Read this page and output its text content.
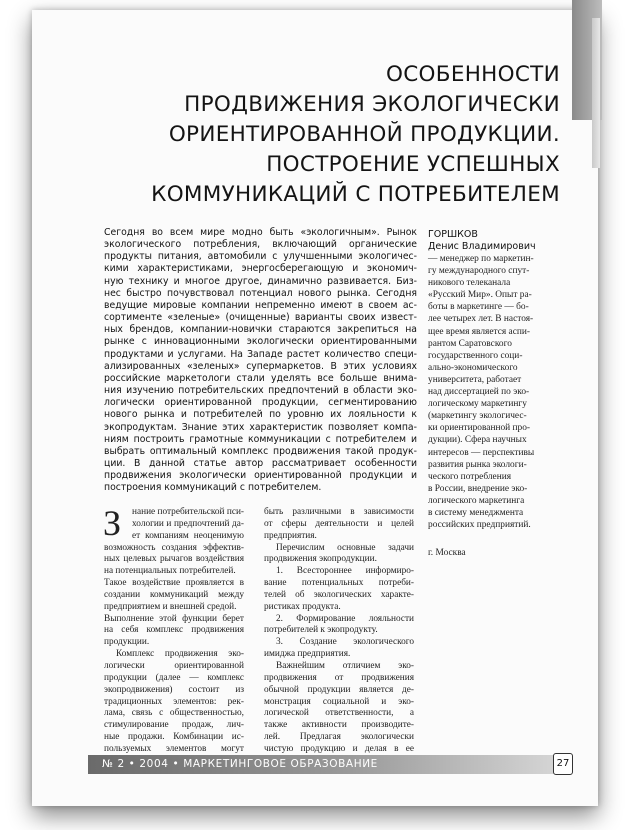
ОСОБЕННОСТИ
ПРОДВИЖЕНИЯ ЭКОЛОГИЧЕСКИ
ОРИЕНТИРОВАННОЙ ПРОДУКЦИИ.
ПОСТРОЕНИЕ УСПЕШНЫХ
КОММУНИКАЦИЙ С ПОТРЕБИТЕЛЕМ
Сегодня во всем мире модно быть «экологичным». Рынок
экологического потребления, включающий органические
продукты питания, автомобили с улучшенными экологичес-
кими характеристиками, энергосберегающую и экономич-
ную технику и многое другое, динамично развивается. Биз-
нес быстро почувствовал потенциал нового рынка. Сегодня
ведущие мировые компании непременно имеют в своем ас-
сортименте «зеленые» (очищенные) варианты своих извест-
ных брендов, компании-новички стараются закрепиться на
рынке с инновационными экологически ориентированными
продуктами и услугами. На Западе растет количество специ-
ализированных «зеленых» супермаркетов. В этих условиях
российские маркетологи стали уделять все больше внима-
ния изучению потребительских предпочтений в области эко-
логически ориентированной продукции, сегментированию
нового рынка и потребителей по уровню их лояльности к
экопродуктам. Знание этих характеристик позволяет компа-
ниям построить грамотные коммуникации с потребителем и
выбрать оптимальный комплекс продвижения такой продук-
ции. В данной статье автор рассматривает особенности
продвижения экологически ориентированной продукции и
построения коммуникаций с потребителем.
ГОРШКОВ
Денис Владимирович
— менеджер по маркетин-
гу международного спут-
никового телеканала
«Русский Мир». Опыт ра-
боты в маркетинге — бо-
лее четырех лет. В настоя-
щее время является аспи-
рантом Саратовского
государственного соци-
ально-экономического
университета, работает
над диссертацией по эко-
логическому маркетингу
(маркетингу экологичес-
ки ориентированной про-
дукции). Сфера научных
интересов — перспективы
развития рынка экологи-
ческого потребления
в России, внедрение эко-
логического маркетинга
в систему менеджмента
российских предприятий.
г. Москва
З	нание потребительской пси-
хологии и предпочтений да-
ет компаниям неоценимую
возможность создания эффектив-
ных целевых рычагов воздействия
на потенциальных потребителей.
Такое воздействие проявляется в
создании коммуникаций между
предприятием и внешней средой.
Выполнение этой функции берет
на себя комплекс продвижения
продукции.
Комплекс продвижения эко-
логически ориентированной
продукции (далее — комплекс
экопродвижения) состоит из
традиционных элементов: рек-
лама, связь с общественностью,
стимулирование продаж, лич-
ные продажи. Комбинации ис-
пользуемых элементов могут
быть различными в зависимости
от сферы деятельности и целей
предприятия.
Перечислим основные задачи
продвижения экопродукции.
1. Всестороннее информиро-
вание потенциальных потреби-
телей об экологических характе-
ристиках продукта.
2. Формирование лояльности
потребителей к экопродукту.
3. Создание экологического
имиджа предприятия.
Важнейшим отличием эко-
продвижения от продвижения
обычной продукции является де-
монстрация социальной и эко-
логической ответственности, а
также активности производите-
лей. Предлагая экологически
чистую продукцию и делая в ее
№ 2 • 2004 • МАРКЕТИНГОВОЕ ОБРАЗОВАНИЕ	27
